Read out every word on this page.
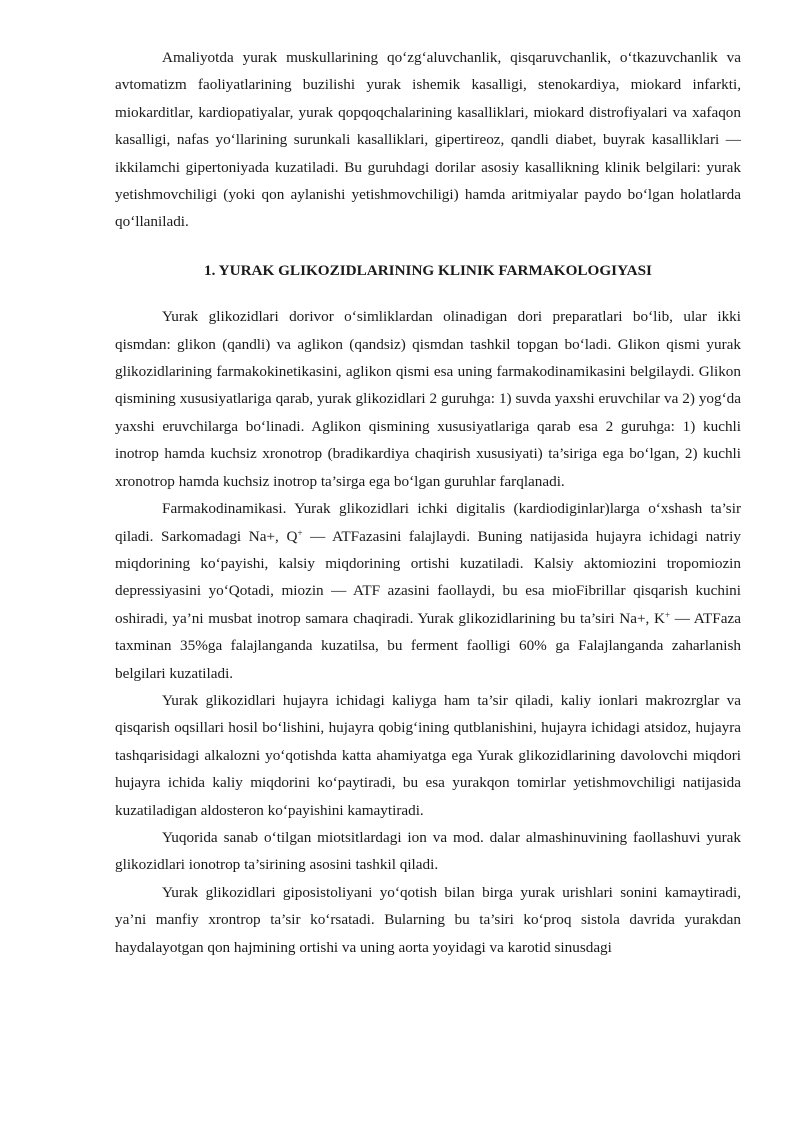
Amaliyotda yurak muskullarining qo‘zg‘aluvchanlik, qisqaruvchanlik, o‘tkazuvchanlik va avtomatizm faoliyatlarining buzilishi yurak ishemik kasalligi, stenokardiya, miokard infarkti, miokarditlar, kardiopatiyalar, yurak qopqoqchalarining kasalliklari, miokard distrofiyalari va xafaqon kasalligi, nafas yo‘llarining surunkali kasalliklari, gipertireoz, qandli diabet, buyrak kasalliklari — ikkilamchi gipertoniyada kuzatiladi. Bu guruhdagi dorilar asosiy kasallikning klinik belgilari: yurak yetishmovchiligi (yoki qon aylanishi yetishmovchiligi) hamda aritmiyalar paydo bo‘lgan holatlarda qo‘llaniladi.

1. YURAK GLIKOZIDLARINING KLINIK FARMAKOLOGIYASI

Yurak glikozidlari dorivor o‘simliklardan olinadigan dori preparatlari bo‘lib, ular ikki qismdan: glikon (qandli) va aglikon (qandsiz) qismdan tashkil topgan bo‘ladi. Glikon qismi yurak glikozidlarining farmakokinetikasini, aglikon qismi esa uning farmakodinamikasini belgilaydi. Glikon qismining xususiyatlariga qarab, yurak glikozidlari 2 guruhga: 1) suvda yaxshi eruvchilar va 2) yog‘da yaxshi eruvchilarga bo‘linadi. Aglikon qismining xususiyatlariga qarab esa 2 guruhga: 1) kuchli inotrop hamda kuchsiz xronotrop (bradikardiya chaqirish xususiyati) ta’siriga ega bo‘lgan, 2) kuchli xronotrop hamda kuchsiz inotrop ta’sirga ega bo‘lgan guruhlar farqlanadi.

Farmakodinamikasi. Yurak glikozidlari ichki digitalis (kardiodiginlar)larga o‘xshash ta’sir qiladi. Sarkomadagi Na+, Q+ — ATFazasini falajlaydi. Buning natijasida hujayra ichidagi natriy miqdorining ko‘payishi, kalsiy miqdorining ortishi kuzatiladi. Kalsiy aktomiozini tropomiozin depressiyasini yo‘Qotadi, miozin — ATF azasini faollaydi, bu esa mioFibrillar qisqarish kuchini oshiradi, ya’ni musbat inotrop samara chaqiradi. Yurak glikozidlarining bu ta’siri Na+, K+ — ATFaza taxminan 35%ga falajlanganda kuzatilsa, bu ferment faolligi 60% ga Falajlanganda zaharlanish belgilari kuzatiladi.

Yurak glikozidlari hujayra ichidagi kaliyga ham ta’sir qiladi, kaliy ionlari makrozrglar va qisqarish oqsillari hosil bo‘lishini, hujayra qobig‘ining qutblanishini, hujayra ichidagi atsidoz, hujayra tashqarisidagi alkalozni yo‘qotishda katta ahamiyatga ega Yurak glikozidlarining davolovchi miqdori hujayra ichida kaliy miqdorini ko‘paytiradi, bu esa yurakqon tomirlar yetishmovchiligi natijasida kuzatiladigan aldosteron ko‘payishini kamaytiradi.

Yuqorida sanab o‘tilgan miotsitlardagi ion va mod. dalar almashinuvining faollashuvi yurak glikozidlari ionotrop ta’sirining asosini tashkil qiladi.

Yurak glikozidlari giposistoliyani yo‘qotish bilan birga yurak urishlari sonini kamaytiradi, ya’ni manfiy xrontrop ta’sir ko‘rsatadi. Bularning bu ta’siri ko‘proq sistola davrida yurakdan haydalayotgan qon hajmining ortishi va uning aorta yoyidagi va karotid sinusdagi
